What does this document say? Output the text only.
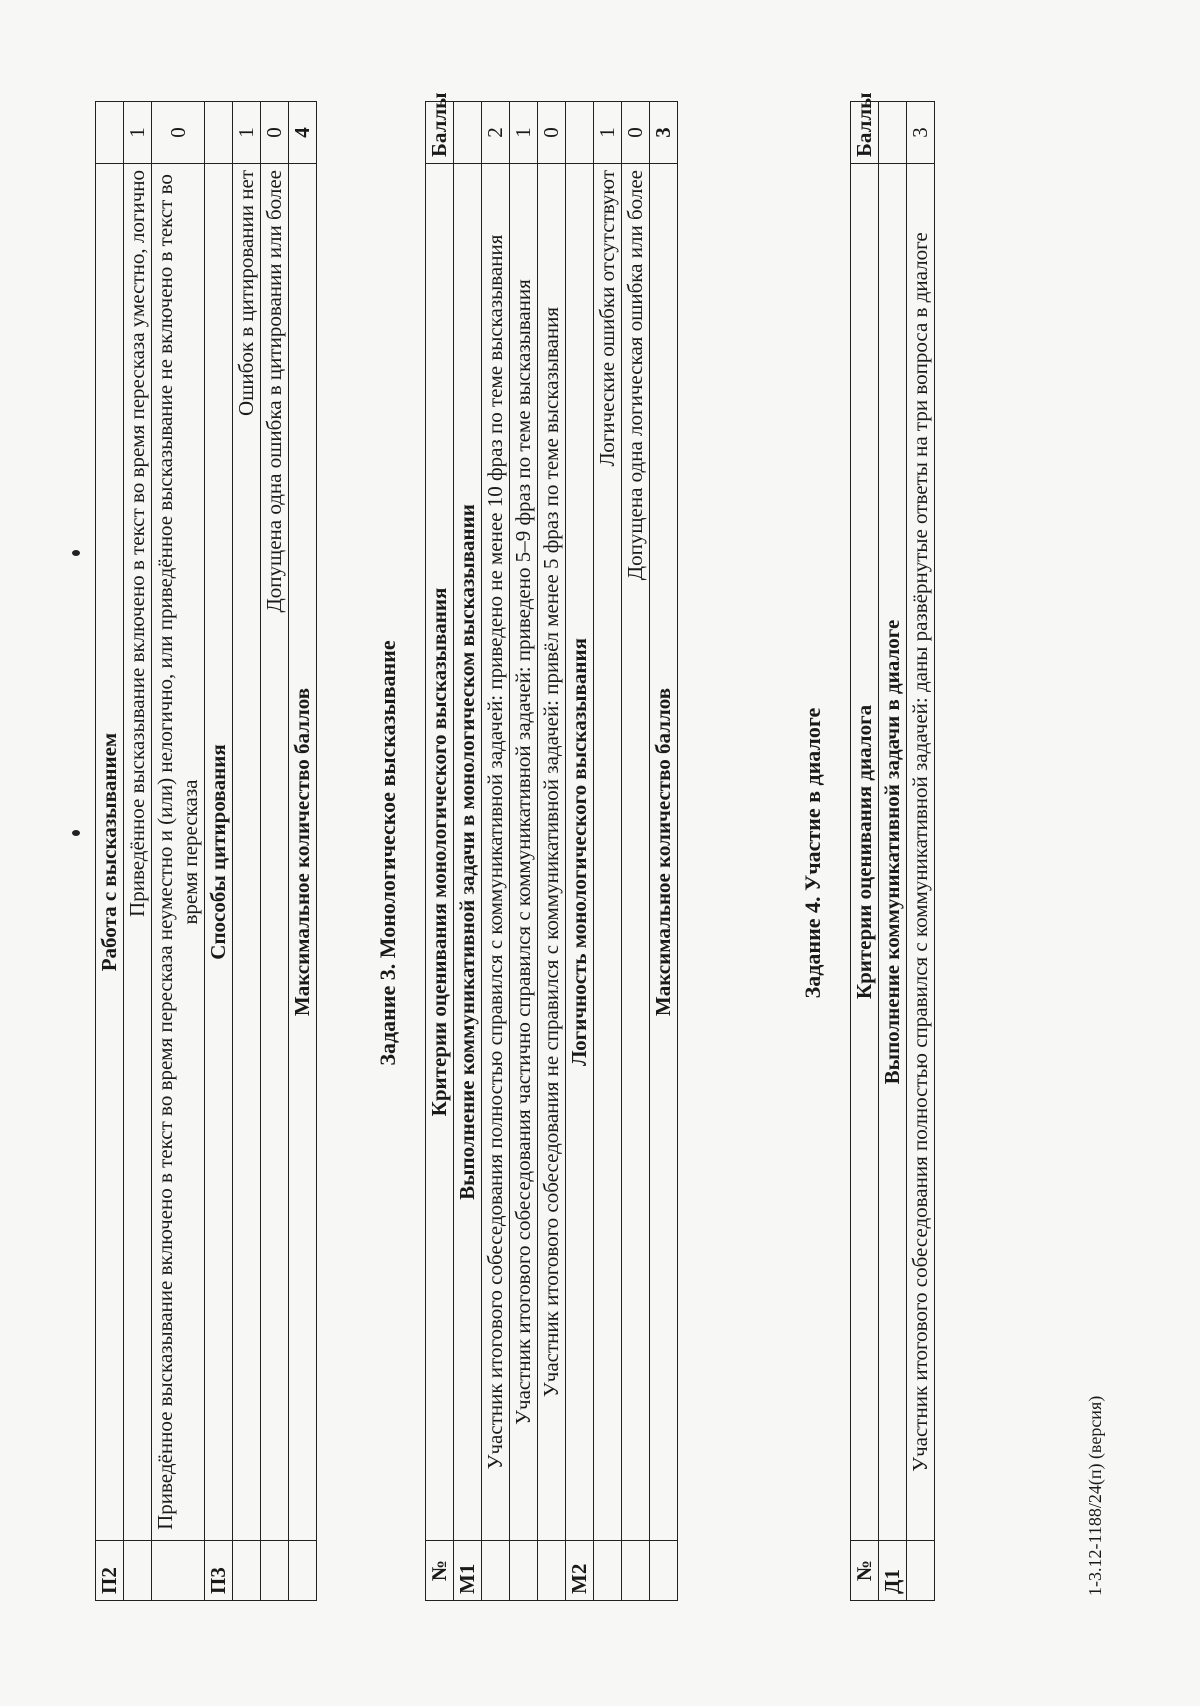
П2	Работа с высказыванием	
	Приведённое высказывание включено в текст во время пересказа уместно, логично	1
	Приведённое высказывание включено в текст во время пересказа неуместно и (или) нелогично, или приведённое высказывание не включено в текст во время пересказа	0
П3	Способы цитирования	
	Ошибок в цитировании нет	1
	Допущена одна ошибка в цитировании или более	0
	Максимальное количество баллов	4
Задание 3. Монологическое высказывание
№	Критерии оценивания монологического высказывания	Баллы
М1	Выполнение коммуникативной задачи в монологическом высказывании	
	Участник итогового собеседования полностью справился с коммуникативной задачей: приведено не менее 10 фраз по теме высказывания	2
	Участник итогового собеседования частично справился с коммуникативной задачей: приведено 5–9 фраз по теме высказывания	1
	Участник итогового собеседования не справился с коммуникативной задачей: привёл менее 5 фраз по теме высказывания	0
М2	Логичность монологического высказывания	
	Логические ошибки отсутствуют	1
	Допущена одна логическая ошибка или более	0
	Максимальное количество баллов	3
Задание 4. Участие в диалоге
№	Критерии оценивания диалога	Баллы
Д1	Выполнение коммуникативной задачи в диалоге	
	Участник итогового собеседования полностью справился с коммуникативной задачей: даны развёрнутые ответы на три вопроса в диалоге	3
1-3.12-1188/24(п) (версия)
